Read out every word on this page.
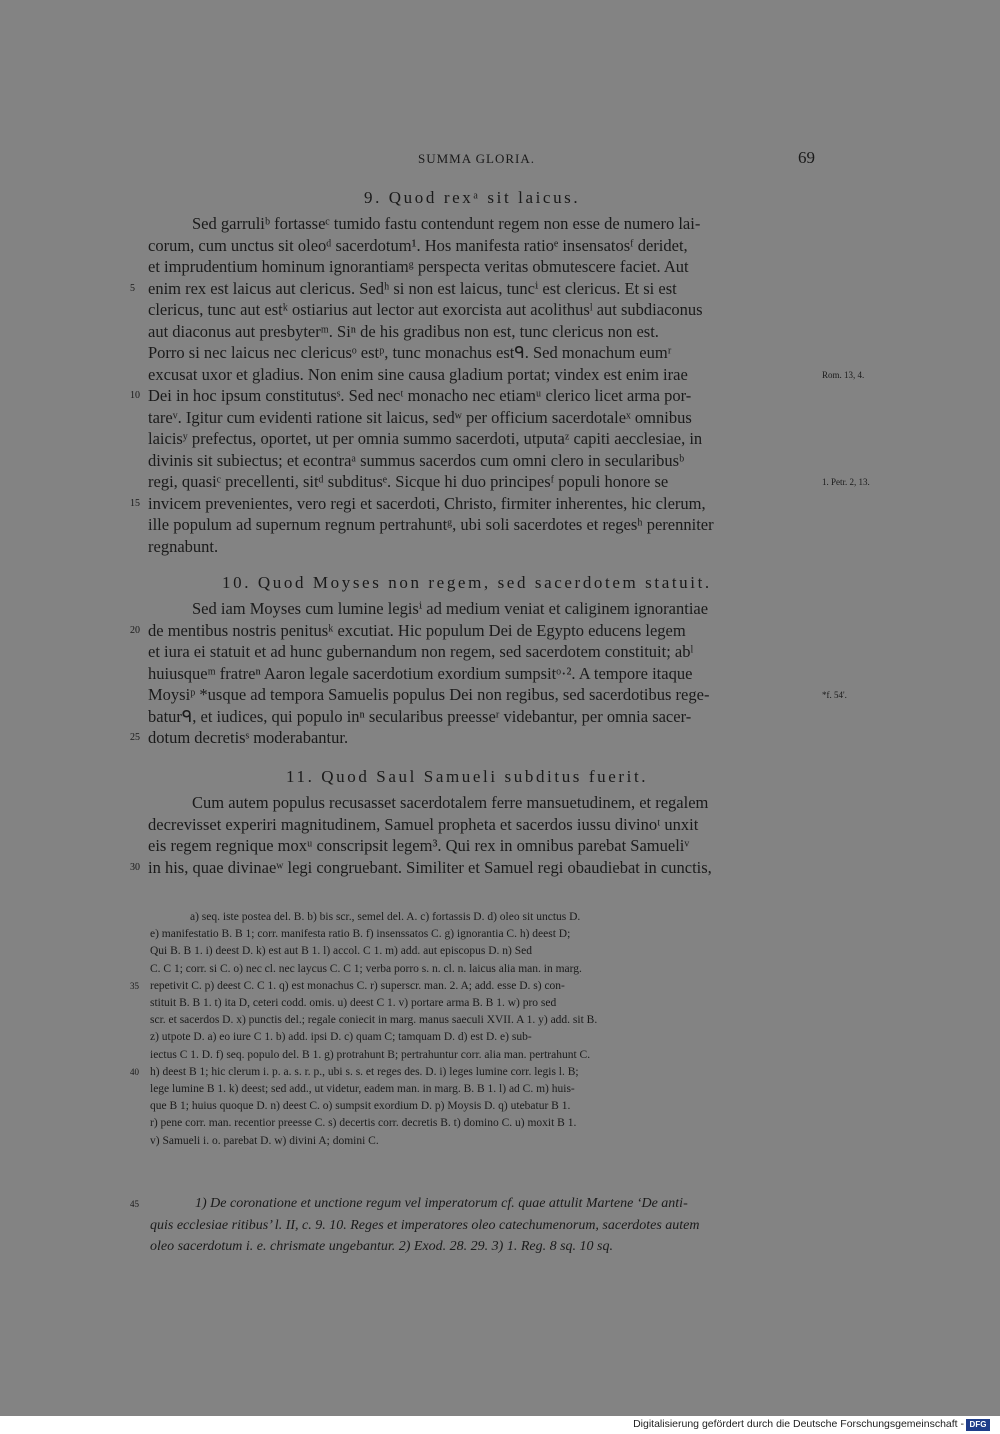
SUMMA GLORIA.	69
9. Quod rexᵃ sit laicus.
Sed garruliᵇ fortasseᶜ tumido fastu contendunt regem non esse de numero lai-
corum, cum unctus sit oleoᵈ sacerdotum¹. Hos manifesta ratioᵉ insensatosᶠ deridet,
et imprudentium hominum ignorantiamᵍ perspecta veritas obmutescere faciet. Aut
enim rex est laicus aut clericus. Sedʰ si non est laicus, tuncⁱ est clericus. Et si est
5
clericus, tunc aut estᵏ ostiarius aut lector aut exorcista aut acolithusˡ aut subdiaconus
aut diaconus aut presbyterᵐ. Siⁿ de his gradibus non est, tunc clericus non est.
Porro si nec laicus nec clericusᵒ estᵖ, tunc monachus estᑫ. Sed monachum eumʳ
excusat uxor et gladius. Non enim sine causa gladium portat; vindex est enim irae	Rom. 13, 4.
Dei in hoc ipsum constitutusˢ. Sed necᵗ monacho nec etiamᵘ clerico licet arma por-
10
tareᵛ. Igitur cum evidenti ratione sit laicus, sedʷ per officium sacerdotaleˣ omnibus
laicisʸ prefectus, oportet, ut per omnia summo sacerdoti, utputaᶻ capiti aecclesiae, in
divinis sit subiectus; et econtraᵃ summus sacerdos cum omni clero in secularibusᵇ
regi, quasiᶜ precellenti, sitᵈ subditusᵉ. Sicque hi duo principesᶠ populi honore se	1. Petr. 2, 13.
invicem prevenientes, vero regi et sacerdoti, Christo, firmiter inherentes, hic clerum,
15
ille populum ad supernum regnum pertrahuntᵍ, ubi soli sacerdotes et regesʰ perenniter
regnabunt.
10. Quod Moyses non regem, sed sacerdotem statuit.
Sed iam Moyses cum lumine legisⁱ ad medium veniat et caliginem ignorantiae
de mentibus nostris penitusᵏ excutiat. Hic populum Dei de Egypto educens legem
20
et iura ei statuit et ad hunc gubernandum non regem, sed sacerdotem constituit; abˡ
huiusqueᵐ fratreⁿ Aaron legale sacerdotium exordium sumpsitᵒ·². A tempore itaque
Moysiᵖ *usque ad tempora Samuelis populus Dei non regibus, sed sacerdotibus rege-	*f. 54'.
baturᑫ, et iudices, qui populo inⁿ secularibus preesseʳ videbantur, per omnia sacer-
dotum decretisˢ moderabantur.
25
11. Quod Saul Samueli subditus fuerit.
Cum autem populus recusasset sacerdotalem ferre mansuetudinem, et regalem
decrevisset experiri magnitudinem, Samuel propheta et sacerdos iussu divinoᵗ unxit
eis regem regnique moxᵘ conscripsit legem³. Qui rex in omnibus parebat Samueliᵛ
in his, quae divinaeʷ legi congruebant. Similiter et Samuel regi obaudiebat in cunctis,
30
a) seq. iste postea del. B. b) bis scr., semel del. A. c) fortassis D. d) oleo sit unctus D.
e) manifestatio B. B 1; corr. manifesta ratio B. f) insenssatos C. g) ignorantia C. h) deest D;
Qui B. B 1. i) deest D. k) est aut B 1. l) accol. C 1. m) add. aut episcopus D. n) Sed
C. C 1; corr. si C. o) nec cl. nec laycus C. C 1; verba porro s. n. cl. n. laicus alia man. in marg.
repetivit C. p) deest C. C 1. q) est monachus C. r) superscr. man. 2. A; add. esse D. s) con-
35
stituit B. B 1. t) ita D, ceteri codd. omis. u) deest C 1. v) portare arma B. B 1. w) pro sed
scr. et sacerdos D. x) punctis del.; regale coniecit in marg. manus saeculi XVII. A 1. y) add. sit B.
z) utpote D. a) eo iure C 1. b) add. ipsi D. c) quam C; tamquam D. d) est D. e) sub-
iectus C 1. D. f) seq. populo del. B 1. g) protrahunt B; pertrahuntur corr. alia man. pertrahunt C.
h) deest B 1; hic clerum i. p. a. s. r. p., ubi s. s. et reges des. D. i) leges lumine corr. legis l. B;
40
lege lumine B 1. k) deest; sed add., ut videtur, eadem man. in marg. B. B 1. l) ad C. m) huis-
que B 1; huius quoque D. n) deest C. o) sumpsit exordium D. p) Moysis D. q) utebatur B 1.
r) pene corr. man. recentior preesse C. s) decertis corr. decretis B. t) domino C. u) moxit B 1.
v) Samueli i. o. parebat D. w) divini A; domini C.
1) De coronatione et unctione regum vel imperatorum cf. quae attulit Martene ‘De anti-
45
quis ecclesiae ritibus’ l. II, c. 9. 10. Reges et imperatores oleo catechumenorum, sacerdotes autem
oleo sacerdotum i. e. chrismate ungebantur. 2) Exod. 28. 29. 3) 1. Reg. 8 sq. 10 sq.
Digitalisierung gefördert durch die Deutsche Forschungsgemeinschaft - DFG
